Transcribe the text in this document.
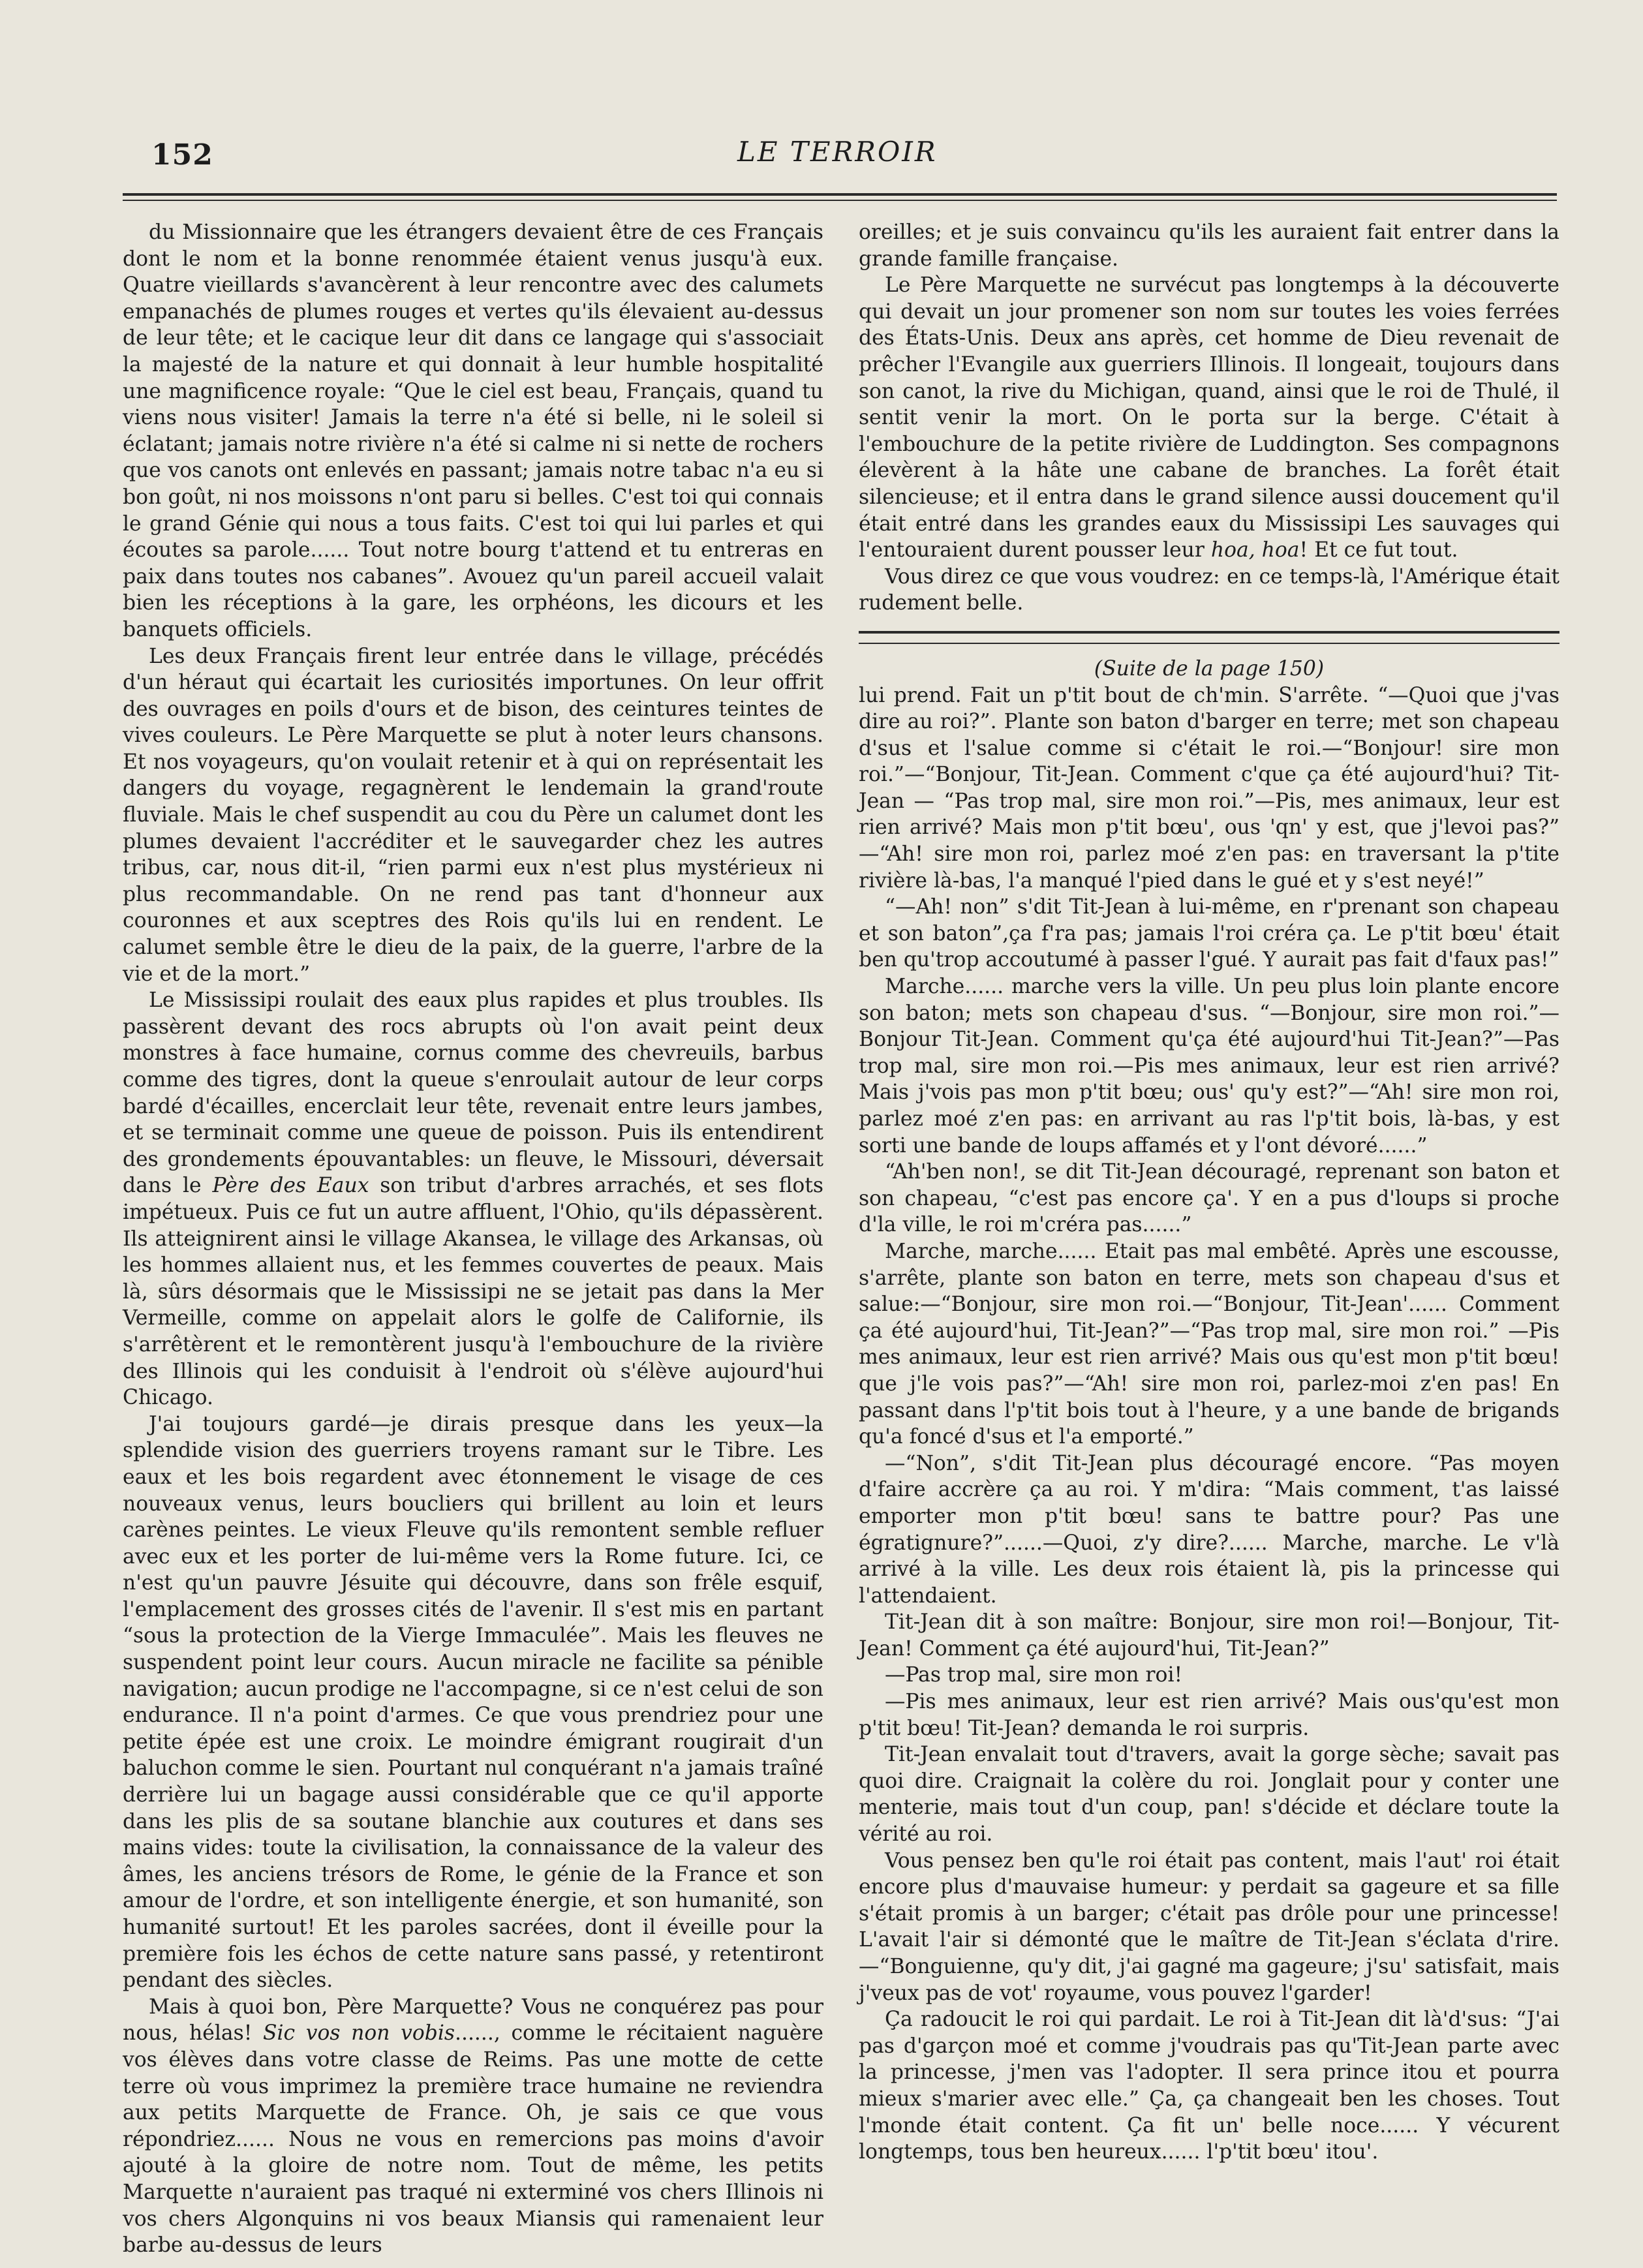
152	LE TERROIR

du Missionnaire que les étrangers devaient être de ces Français dont le nom et la bonne renommée étaient venus jusqu'à eux. Quatre vieillards s'avancèrent à leur rencontre avec des calumets empanachés de plumes rouges et vertes qu'ils élevaient au-dessus de leur tête; et le cacique leur dit dans ce langage qui s'associait la majesté de la nature et qui donnait à leur humble hospitalité une magnificence royale: “Que le ciel est beau, Français, quand tu viens nous visiter! Jamais la terre n'a été si belle, ni le soleil si éclatant; jamais notre rivière n'a été si calme ni si nette de rochers que vos canots ont enlevés en passant; jamais notre tabac n'a eu si bon goût, ni nos moissons n'ont paru si belles. C'est toi qui connais le grand Génie qui nous a tous faits. C'est toi qui lui parles et qui écoutes sa parole...... Tout notre bourg t'attend et tu entreras en paix dans toutes nos cabanes”. Avouez qu'un pareil accueil valait bien les réceptions à la gare, les orphéons, les dicours et les banquets officiels.

Les deux Français firent leur entrée dans le village, précédés d'un héraut qui écartait les curiosités importunes. On leur offrit des ouvrages en poils d'ours et de bison, des ceintures teintes de vives couleurs. Le Père Marquette se plut à noter leurs chansons. Et nos voyageurs, qu'on voulait retenir et à qui on représentait les dangers du voyage, regagnèrent le lendemain la grand'route fluviale. Mais le chef suspendit au cou du Père un calumet dont les plumes devaient l'accréditer et le sauvegarder chez les autres tribus, car, nous dit-il, “rien parmi eux n'est plus mystérieux ni plus recommandable. On ne rend pas tant d'honneur aux couronnes et aux sceptres des Rois qu'ils lui en rendent. Le calumet semble être le dieu de la paix, de la guerre, l'arbre de la vie et de la mort.”

Le Mississipi roulait des eaux plus rapides et plus troubles. Ils passèrent devant des rocs abrupts où l'on avait peint deux monstres à face humaine, cornus comme des chevreuils, barbus comme des tigres, dont la queue s'enroulait autour de leur corps bardé d'écailles, encerclait leur tête, revenait entre leurs jambes, et se terminait comme une queue de poisson. Puis ils entendirent des grondements épouvantables: un fleuve, le Missouri, déversait dans le Père des Eaux son tribut d'arbres arrachés, et ses flots impétueux. Puis ce fut un autre affluent, l'Ohio, qu'ils dépassèrent. Ils atteignirent ainsi le village Akansea, le village des Arkansas, où les hommes allaient nus, et les femmes couvertes de peaux. Mais là, sûrs désormais que le Mississipi ne se jetait pas dans la Mer Vermeille, comme on appelait alors le golfe de Californie, ils s'arrêtèrent et le remontèrent jusqu'à l'embouchure de la rivière des Illinois qui les conduisit à l'endroit où s'élève aujourd'hui Chicago.

J'ai toujours gardé—je dirais presque dans les yeux—la splendide vision des guerriers troyens ramant sur le Tibre. Les eaux et les bois regardent avec étonnement le visage de ces nouveaux venus, leurs boucliers qui brillent au loin et leurs carènes peintes. Le vieux Fleuve qu'ils remontent semble refluer avec eux et les porter de lui-même vers la Rome future. Ici, ce n'est qu'un pauvre Jésuite qui découvre, dans son frêle esquif, l'emplacement des grosses cités de l'avenir. Il s'est mis en partant “sous la protection de la Vierge Immaculée”. Mais les fleuves ne suspendent point leur cours. Aucun miracle ne facilite sa pénible navigation; aucun prodige ne l'accompagne, si ce n'est celui de son endurance. Il n'a point d'armes. Ce que vous prendriez pour une petite épée est une croix. Le moindre émigrant rougirait d'un baluchon comme le sien. Pourtant nul conquérant n'a jamais traîné derrière lui un bagage aussi considérable que ce qu'il apporte dans les plis de sa soutane blanchie aux coutures et dans ses mains vides: toute la civilisation, la connaissance de la valeur des âmes, les anciens trésors de Rome, le génie de la France et son amour de l'ordre, et son intelligente énergie, et son humanité, son humanité surtout! Et les paroles sacrées, dont il éveille pour la première fois les échos de cette nature sans passé, y retentiront pendant des siècles.

Mais à quoi bon, Père Marquette? Vous ne conquérez pas pour nous, hélas! Sic vos non vobis......, comme le récitaient naguère vos élèves dans votre classe de Reims. Pas une motte de cette terre où vous imprimez la première trace humaine ne reviendra aux petits Marquette de France. Oh, je sais ce que vous répondriez...... Nous ne vous en remercions pas moins d'avoir ajouté à la gloire de notre nom. Tout de même, les petits Marquette n'auraient pas traqué ni exterminé vos chers Illinois ni vos chers Algonquins ni vos beaux Miansis qui ramenaient leur barbe au-dessus de leurs

oreilles; et je suis convaincu qu'ils les auraient fait entrer dans la grande famille française.

Le Père Marquette ne survécut pas longtemps à la découverte qui devait un jour promener son nom sur toutes les voies ferrées des États-Unis. Deux ans après, cet homme de Dieu revenait de prêcher l'Evangile aux guerriers Illinois. Il longeait, toujours dans son canot, la rive du Michigan, quand, ainsi que le roi de Thulé, il sentit venir la mort. On le porta sur la berge. C'était à l'embouchure de la petite rivière de Luddington. Ses compagnons élevèrent à la hâte une cabane de branches. La forêt était silencieuse; et il entra dans le grand silence aussi doucement qu'il était entré dans les grandes eaux du Mississipi Les sauvages qui l'entouraient durent pousser leur hoa, hoa! Et ce fut tout.

Vous direz ce que vous voudrez: en ce temps-là, l'Amérique était rudement belle.

(Suite de la page 150)

lui prend. Fait un p'tit bout de ch'min. S'arrête. “—Quoi que j'vas dire au roi?”. Plante son baton d'barger en terre; met son chapeau d'sus et l'salue comme si c'était le roi.—“Bonjour! sire mon roi.”—“Bonjour, Tit-Jean. Comment c'que ça été aujourd'hui? Tit-Jean — “Pas trop mal, sire mon roi.”—Pis, mes animaux, leur est rien arrivé? Mais mon p'tit bœu', ous 'qn' y est, que j'levoi pas?” —“Ah! sire mon roi, parlez moé z'en pas: en traversant la p'tite rivière là-bas, l'a manqué l'pied dans le gué et y s'est neyé!”

“—Ah! non” s'dit Tit-Jean à lui-même, en r'prenant son chapeau et son baton”,ça f'ra pas; jamais l'roi créra ça. Le p'tit bœu' était ben qu'trop accoutumé à passer l'gué. Y aurait pas fait d'faux pas!”

Marche...... marche vers la ville. Un peu plus loin plante encore son baton; mets son chapeau d'sus. “—Bonjour, sire mon roi.”—Bonjour Tit-Jean. Comment qu'ça été aujourd'hui Tit-Jean?”—Pas trop mal, sire mon roi.—Pis mes animaux, leur est rien arrivé? Mais j'vois pas mon p'tit bœu; ous' qu'y est?”—“Ah! sire mon roi, parlez moé z'en pas: en arrivant au ras l'p'tit bois, là-bas, y est sorti une bande de loups affamés et y l'ont dévoré......”

“Ah'ben non!, se dit Tit-Jean découragé, reprenant son baton et son chapeau, “c'est pas encore ça'. Y en a pus d'loups si proche d'la ville, le roi m'créra pas......”

Marche, marche...... Etait pas mal embêté. Après une escousse, s'arrête, plante son baton en terre, mets son chapeau d'sus et salue:—“Bonjour, sire mon roi.—“Bonjour, Tit-Jean'...... Comment ça été aujourd'hui, Tit-Jean?”—“Pas trop mal, sire mon roi.” —Pis mes animaux, leur est rien arrivé? Mais ous qu'est mon p'tit bœu! que j'le vois pas?”—“Ah! sire mon roi, parlez-moi z'en pas! En passant dans l'p'tit bois tout à l'heure, y a une bande de brigands qu'a foncé d'sus et l'a emporté.”

—“Non”, s'dit Tit-Jean plus découragé encore. “Pas moyen d'faire accrère ça au roi. Y m'dira: “Mais comment, t'as laissé emporter mon p'tit bœu! sans te battre pour? Pas une égratignure?”......—Quoi, z'y dire?...... Marche, marche. Le v'là arrivé à la ville. Les deux rois étaient là, pis la princesse qui l'attendaient.

Tit-Jean dit à son maître: Bonjour, sire mon roi!—Bonjour, Tit-Jean! Comment ça été aujourd'hui, Tit-Jean?”

—Pas trop mal, sire mon roi!

—Pis mes animaux, leur est rien arrivé? Mais ous'qu'est mon p'tit bœu! Tit-Jean? demanda le roi surpris.

Tit-Jean envalait tout d'travers, avait la gorge sèche; savait pas quoi dire. Craignait la colère du roi. Jonglait pour y conter une menterie, mais tout d'un coup, pan! s'décide et déclare toute la vérité au roi.

Vous pensez ben qu'le roi était pas content, mais l'aut' roi était encore plus d'mauvaise humeur: y perdait sa gageure et sa fille s'était promis à un barger; c'était pas drôle pour une princesse! L'avait l'air si démonté que le maître de Tit-Jean s'éclata d'rire. —“Bonguienne, qu'y dit, j'ai gagné ma gageure; j'su' satisfait, mais j'veux pas de vot' royaume, vous pouvez l'garder!

Ça radoucit le roi qui pardait. Le roi à Tit-Jean dit là'd'sus: “J'ai pas d'garçon moé et comme j'voudrais pas qu'Tit-Jean parte avec la princesse, j'men vas l'adopter. Il sera prince itou et pourra mieux s'marier avec elle.” Ça, ça changeait ben les choses. Tout l'monde était content. Ça fit un' belle noce...... Y vécurent longtemps, tous ben heureux...... l'p'tit bœu' itou'.
